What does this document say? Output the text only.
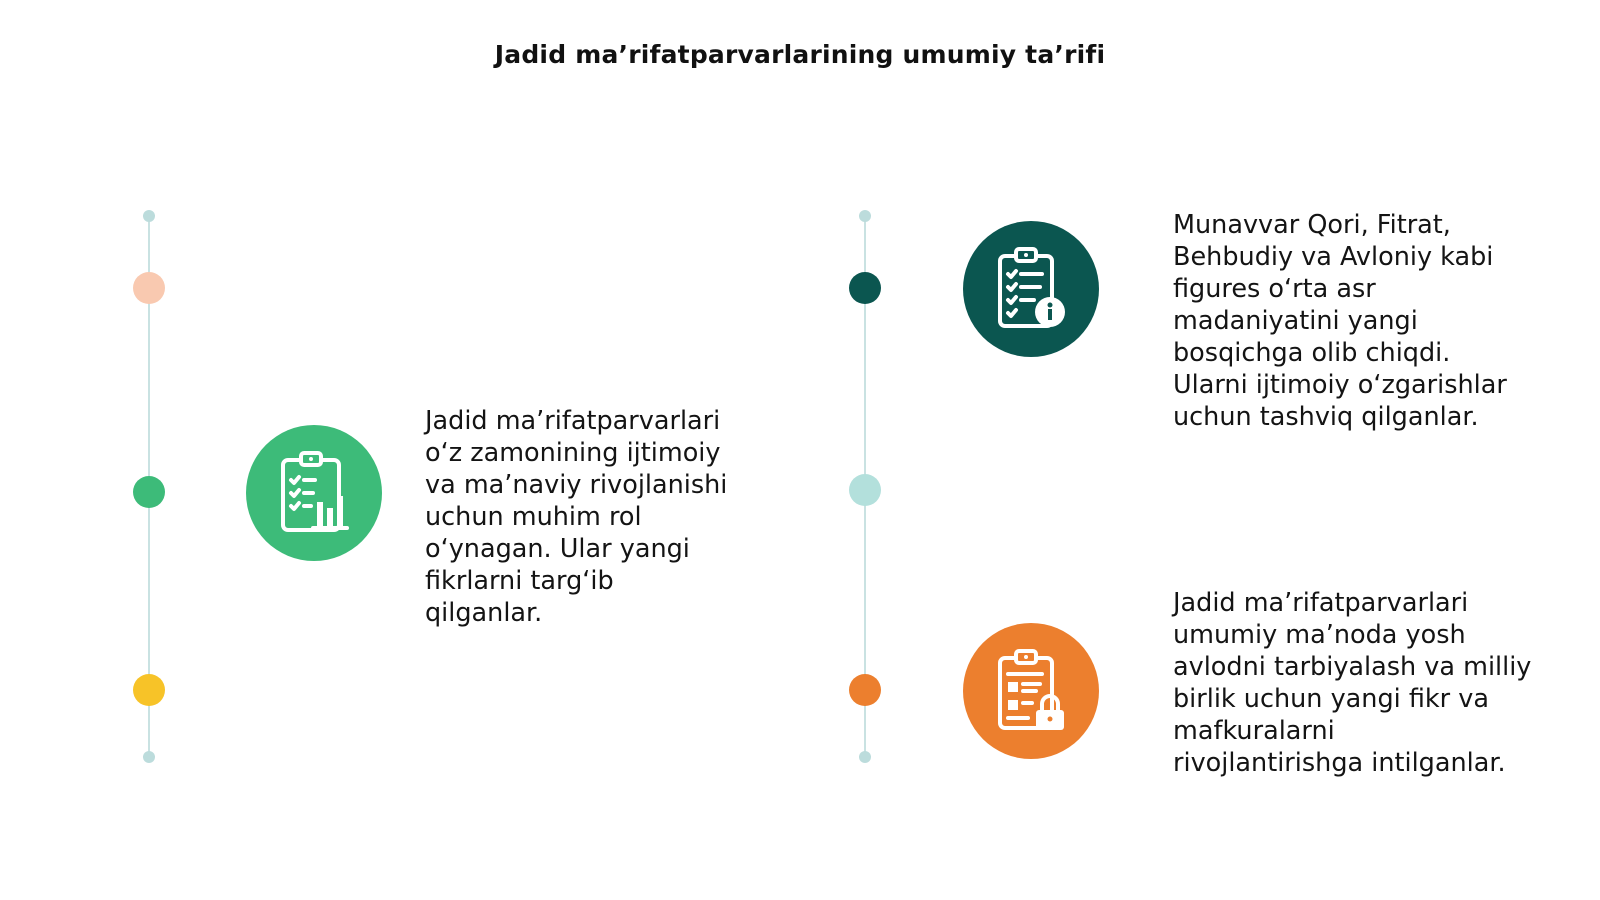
Jadid ma’rifatparvarlarining umumiy ta’rifi
Jadid ma’rifatparvarlari
o‘z zamonining ijtimoiy
va ma’naviy rivojlanishi
uchun muhim rol
o‘ynagan. Ular yangi
fikrlarni targ‘ib
qilganlar.
Munavvar Qori, Fitrat,
Behbudiy va Avloniy kabi
figures o‘rta asr
madaniyatini yangi
bosqichga olib chiqdi.
Ularni ijtimoiy o‘zgarishlar
uchun tashviq qilganlar.
Jadid ma’rifatparvarlari
umumiy ma’noda yosh
avlodni tarbiyalash va milliy
birlik uchun yangi fikr va
mafkuralarni
rivojlantirishga intilganlar.
